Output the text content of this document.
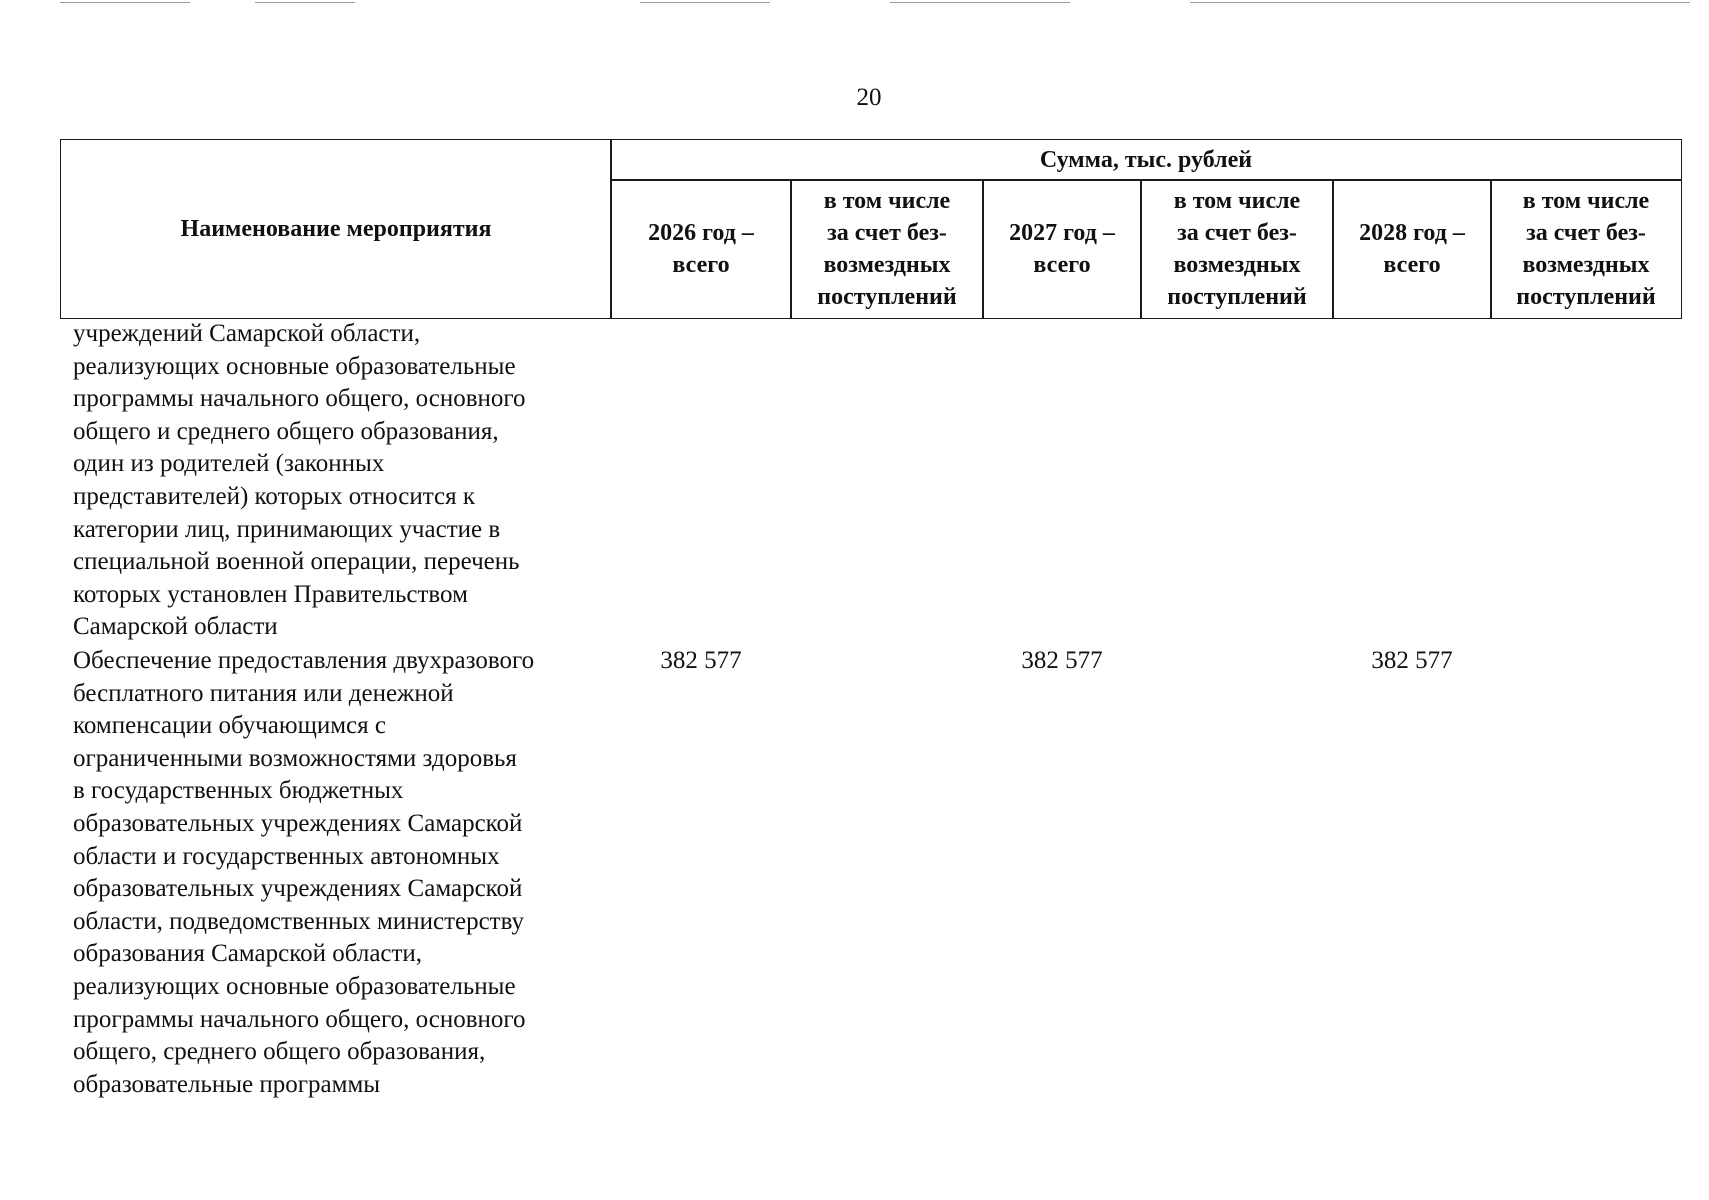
20
Наименование мероприятия
Сумма, тыс. рублей
2026 год –
всего
в том числе
за счет без-
возмездных
поступлений
2027 год –
всего
в том числе
за счет без-
возмездных
поступлений
2028 год –
всего
в том числе
за счет без-
возмездных
поступлений
учреждений Самарской области,
реализующих основные образовательные
программы начального общего, основного
общего и среднего общего образования,
один из родителей (законных
представителей) которых относится к
категории лиц, принимающих участие в
специальной военной операции, перечень
которых установлен Правительством
Самарской области
Обеспечение предоставления двухразового
бесплатного питания или денежной
компенсации обучающимся с
ограниченными возможностями здоровья
в государственных бюджетных
образовательных учреждениях Самарской
области и государственных автономных
образовательных учреждениях Самарской
области, подведомственных министерству
образования Самарской области,
реализующих основные образовательные
программы начального общего, основного
общего, среднего общего образования,
образовательные программы
382 577	382 577	382 577
